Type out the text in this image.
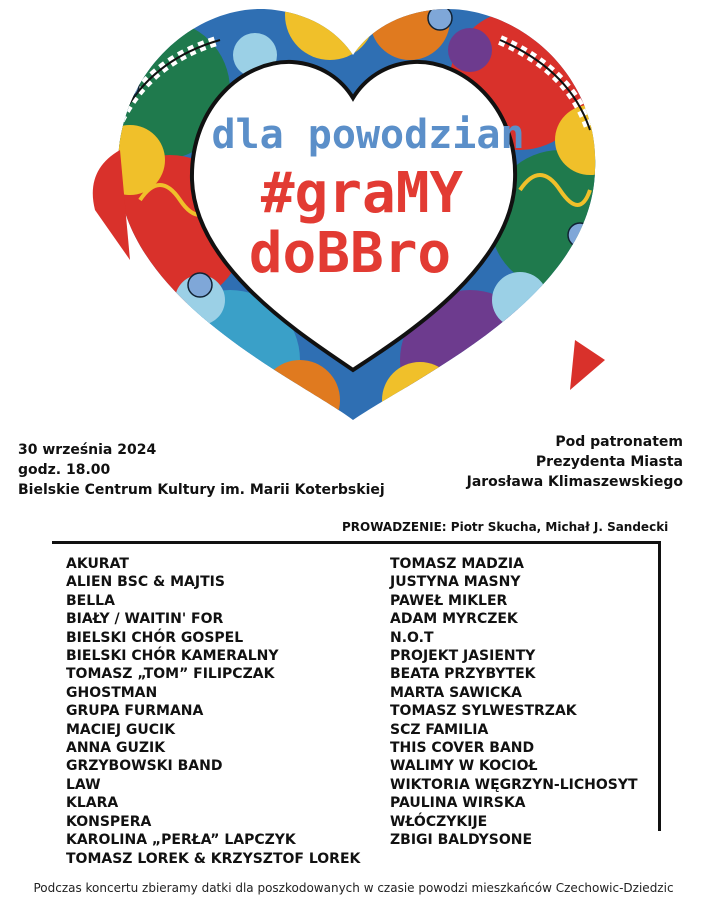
dla powodzian
#graMY
doBBro
30 września 2024
godz. 18.00
Bielskie Centrum Kultury im. Marii Koterbskiej
Pod patronatem
Prezydenta Miasta
Jarosława Klimaszewskiego
PROWADZENIE: Piotr Skucha, Michał J. Sandecki
AKURAT
ALIEN BSC & MAJTIS
BELLA
BIAŁY / WAITIN' FOR
BIELSKI CHÓR GOSPEL
BIELSKI CHÓR KAMERALNY
TOMASZ „TOM” FILIPCZAK
GHOSTMAN
GRUPA FURMANA
MACIEJ GUCIK
ANNA GUZIK
GRZYBOWSKI BAND
LAW
KLARA
KONSPERA
KAROLINA „PERŁA” LAPCZYK
TOMASZ LOREK & KRZYSZTOF LOREK
TOMASZ MADZIA
JUSTYNA MASNY
PAWEŁ MIKLER
ADAM MYRCZEK
N.O.T
PROJEKT JASIENTY
BEATA PRZYBYTEK
MARTA SAWICKA
TOMASZ SYLWESTRZAK
SCZ FAMILIA
THIS COVER BAND
WALIMY W KOCIOŁ
WIKTORIA WĘGRZYN-LICHOSYT
PAULINA WIRSKA
WŁÓCZYKIJE
ZBIGI BALDYSONE
Podczas koncertu zbieramy datki dla poszkodowanych w czasie powodzi mieszkańców Czechowic-Dziedzic
